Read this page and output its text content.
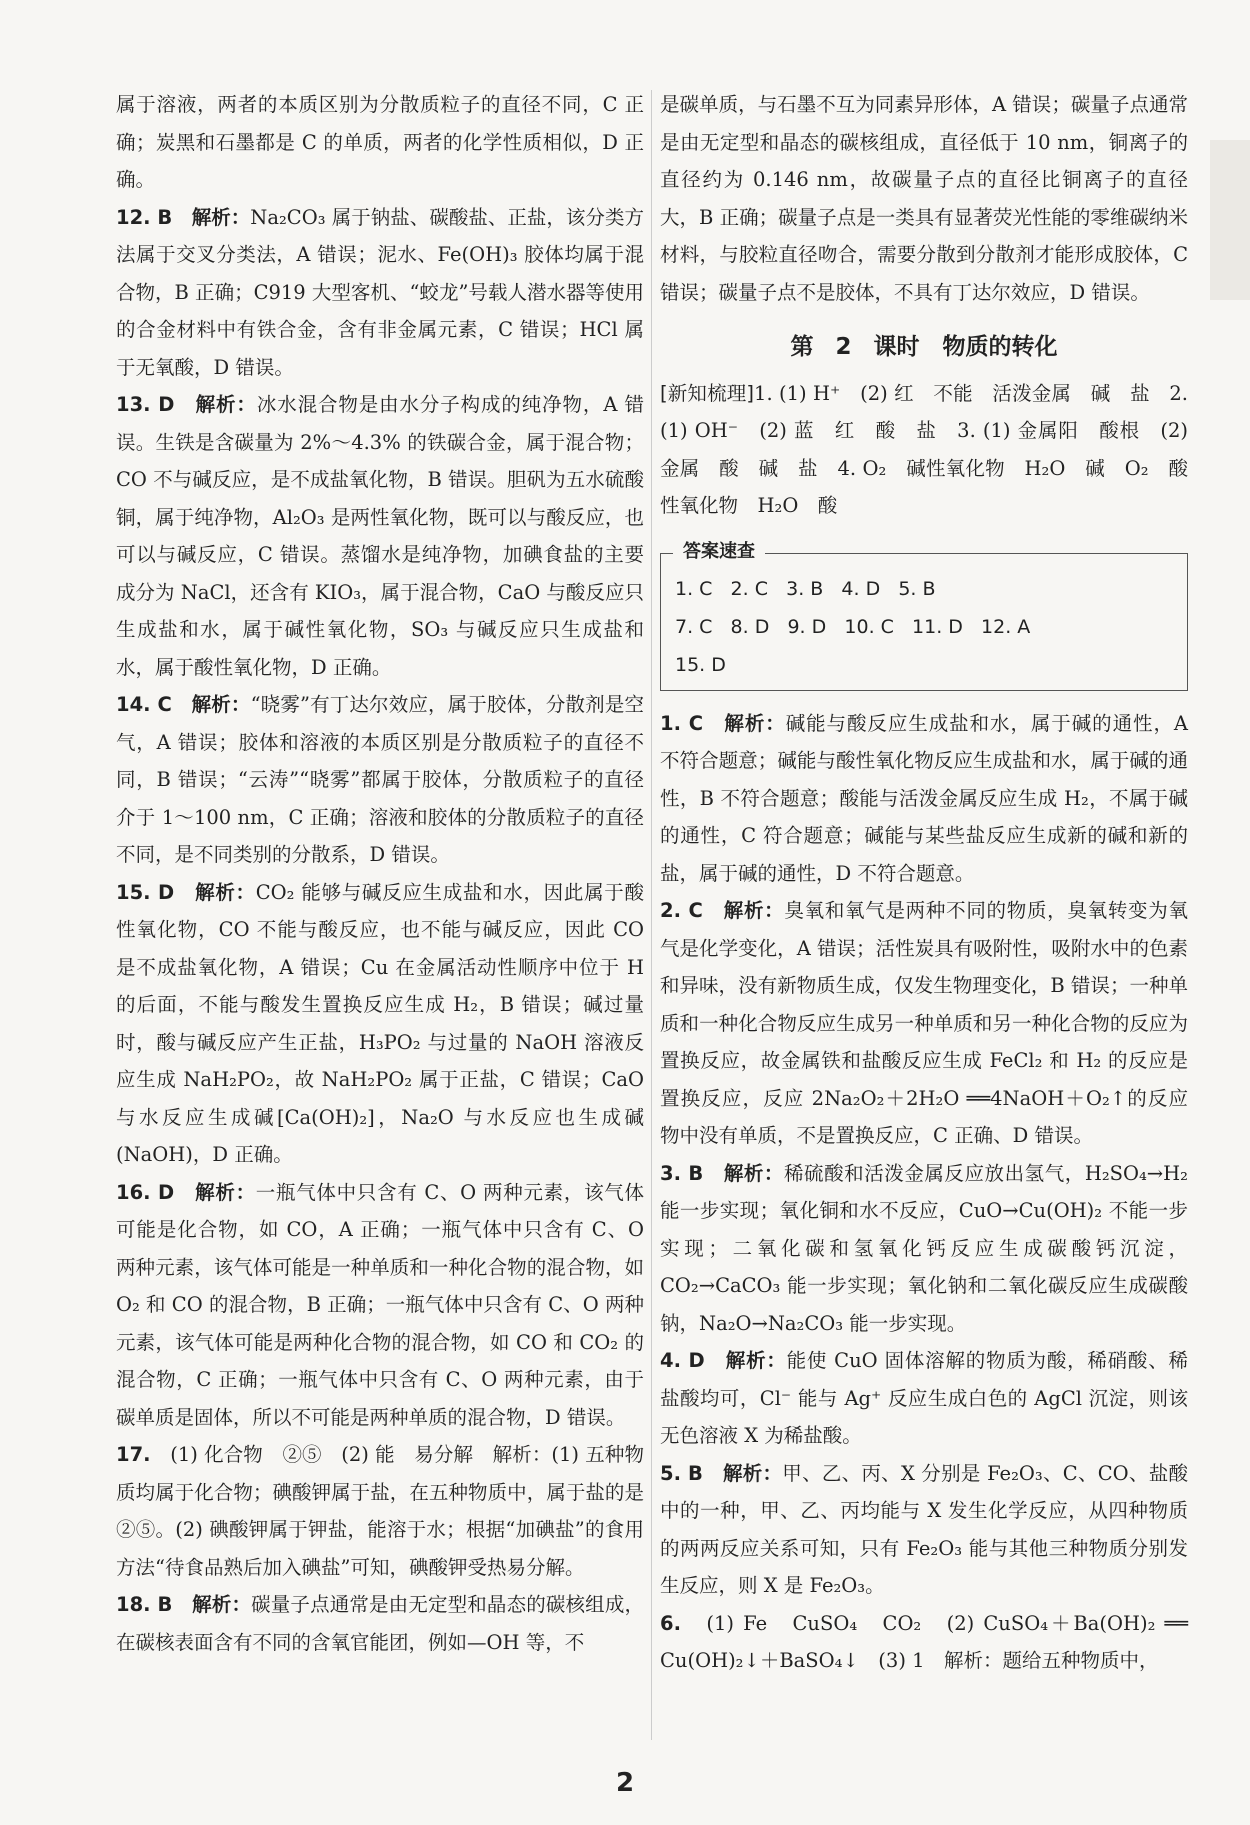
属于溶液，两者的本质区别为分散质粒子的直径不同，C 正确；炭黑和石墨都是 C 的单质，两者的化学性质相似，D 正确。

12. B　 解析：Na₂CO₃ 属于钠盐、碳酸盐、正盐，该分类方法属于交叉分类法，A 错误；泥水、Fe(OH)₃ 胶体均属于混合物，B 正确；C919 大型客机、“蛟龙”号载人潜水器等使用的合金材料中有铁合金，含有非金属元素，C 错误；HCl 属于无氧酸，D 错误。

13. D　 解析：冰水混合物是由水分子构成的纯净物，A 错误。生铁是含碳量为 2%～4.3% 的铁碳合金，属于混合物；CO 不与碱反应，是不成盐氧化物，B 错误。胆矾为五水硫酸铜，属于纯净物，Al₂O₃ 是两性氧化物，既可以与酸反应，也可以与碱反应，C 错误。蒸馏水是纯净物，加碘食盐的主要成分为 NaCl，还含有 KIO₃，属于混合物，CaO 与酸反应只生成盐和水，属于碱性氧化物，SO₃ 与碱反应只生成盐和水，属于酸性氧化物，D 正确。

14. C　 解析：“晓雾”有丁达尔效应，属于胶体，分散剂是空气，A 错误；胶体和溶液的本质区别是分散质粒子的直径不同，B 错误；“云涛”“晓雾”都属于胶体，分散质粒子的直径介于 1～100 nm，C 正确；溶液和胶体的分散质粒子的直径不同，是不同类别的分散系，D 错误。

15. D　 解析：CO₂ 能够与碱反应生成盐和水，因此属于酸性氧化物，CO 不能与酸反应，也不能与碱反应，因此 CO 是不成盐氧化物，A 错误；Cu 在金属活动性顺序中位于 H 的后面，不能与酸发生置换反应生成 H₂，B 错误；碱过量时，酸与碱反应产生正盐，H₃PO₂ 与过量的 NaOH 溶液反应生成 NaH₂PO₂，故 NaH₂PO₂ 属于正盐，C 错误；CaO 与水反应生成碱[Ca(OH)₂]，Na₂O 与水反应也生成碱(NaOH)，D 正确。

16. D　 解析：一瓶气体中只含有 C、O 两种元素，该气体可能是化合物，如 CO，A 正确；一瓶气体中只含有 C、O 两种元素，该气体可能是一种单质和一种化合物的混合物，如 O₂ 和 CO 的混合物，B 正确；一瓶气体中只含有 C、O 两种元素，该气体可能是两种化合物的混合物，如 CO 和 CO₂ 的混合物，C 正确；一瓶气体中只含有 C、O 两种元素，由于碳单质是固体，所以不可能是两种单质的混合物，D 错误。

17.　 (1) 化合物　②⑤　(2) 能　易分解　解析：(1) 五种物质均属于化合物；碘酸钾属于盐，在五种物质中，属于盐的是②⑤。(2) 碘酸钾属于钾盐，能溶于水；根据“加碘盐”的食用方法“待食品熟后加入碘盐”可知，碘酸钾受热易分解。

18. B　 解析：碳量子点通常是由无定型和晶态的碳核组成，在碳核表面含有不同的含氧官能团，例如—OH 等，不

是碳单质，与石墨不互为同素异形体，A 错误；碳量子点通常是由无定型和晶态的碳核组成，直径低于 10 nm，铜离子的直径约为 0.146 nm，故碳量子点的直径比铜离子的直径大，B 正确；碳量子点是一类具有显著荧光性能的零维碳纳米材料，与胶粒直径吻合，需要分散到分散剂才能形成胶体，C 错误；碳量子点不是胶体，不具有丁达尔效应，D 错误。

第 2 课时　物质的转化

[新知梳理]1. (1) H⁺　(2) 红　不能　活泼金属　碱　盐　2. (1) OH⁻　(2) 蓝　红　酸　盐　3. (1) 金属阳　酸根　(2) 金属　酸　碱　盐　4. O₂　碱性氧化物　H₂O　碱　O₂　酸性氧化物　H₂O　酸

答案速查
1. C   2. C   3. B   4. D   5. B
7. C   8. D   9. D   10. C   11. D   12. A
15. D

1. C　 解析：碱能与酸反应生成盐和水，属于碱的通性，A 不符合题意；碱能与酸性氧化物反应生成盐和水，属于碱的通性，B 不符合题意；酸能与活泼金属反应生成 H₂，不属于碱的通性，C 符合题意；碱能与某些盐反应生成新的碱和新的盐，属于碱的通性，D 不符合题意。

2. C　 解析：臭氧和氧气是两种不同的物质，臭氧转变为氧气是化学变化，A 错误；活性炭具有吸附性，吸附水中的色素和异味，没有新物质生成，仅发生物理变化，B 错误；一种单质和一种化合物反应生成另一种单质和另一种化合物的反应为置换反应，故金属铁和盐酸反应生成 FeCl₂ 和 H₂ 的反应是置换反应，反应 2Na₂O₂＋2H₂O ══4NaOH＋O₂↑的反应物中没有单质，不是置换反应，C 正确、D 错误。

3. B　 解析：稀硫酸和活泼金属反应放出氢气，H₂SO₄→H₂ 能一步实现；氧化铜和水不反应，CuO→Cu(OH)₂ 不能一步实现；二氧化碳和氢氧化钙反应生成碳酸钙沉淀，CO₂→CaCO₃ 能一步实现；氧化钠和二氧化碳反应生成碳酸钠，Na₂O→Na₂CO₃ 能一步实现。

4. D　 解析：能使 CuO 固体溶解的物质为酸，稀硝酸、稀盐酸均可，Cl⁻ 能与 Ag⁺ 反应生成白色的 AgCl 沉淀，则该无色溶液 X 为稀盐酸。

5. B　 解析：甲、乙、丙、X 分别是 Fe₂O₃、C、CO、盐酸中的一种，甲、乙、丙均能与 X 发生化学反应，从四种物质的两两反应关系可知，只有 Fe₂O₃ 能与其他三种物质分别发生反应，则 X 是 Fe₂O₃。

6.　 (1) Fe　CuSO₄　CO₂　(2) CuSO₄＋Ba(OH)₂ ══ Cu(OH)₂↓＋BaSO₄↓　(3) 1　解析：题给五种物质中，

2
